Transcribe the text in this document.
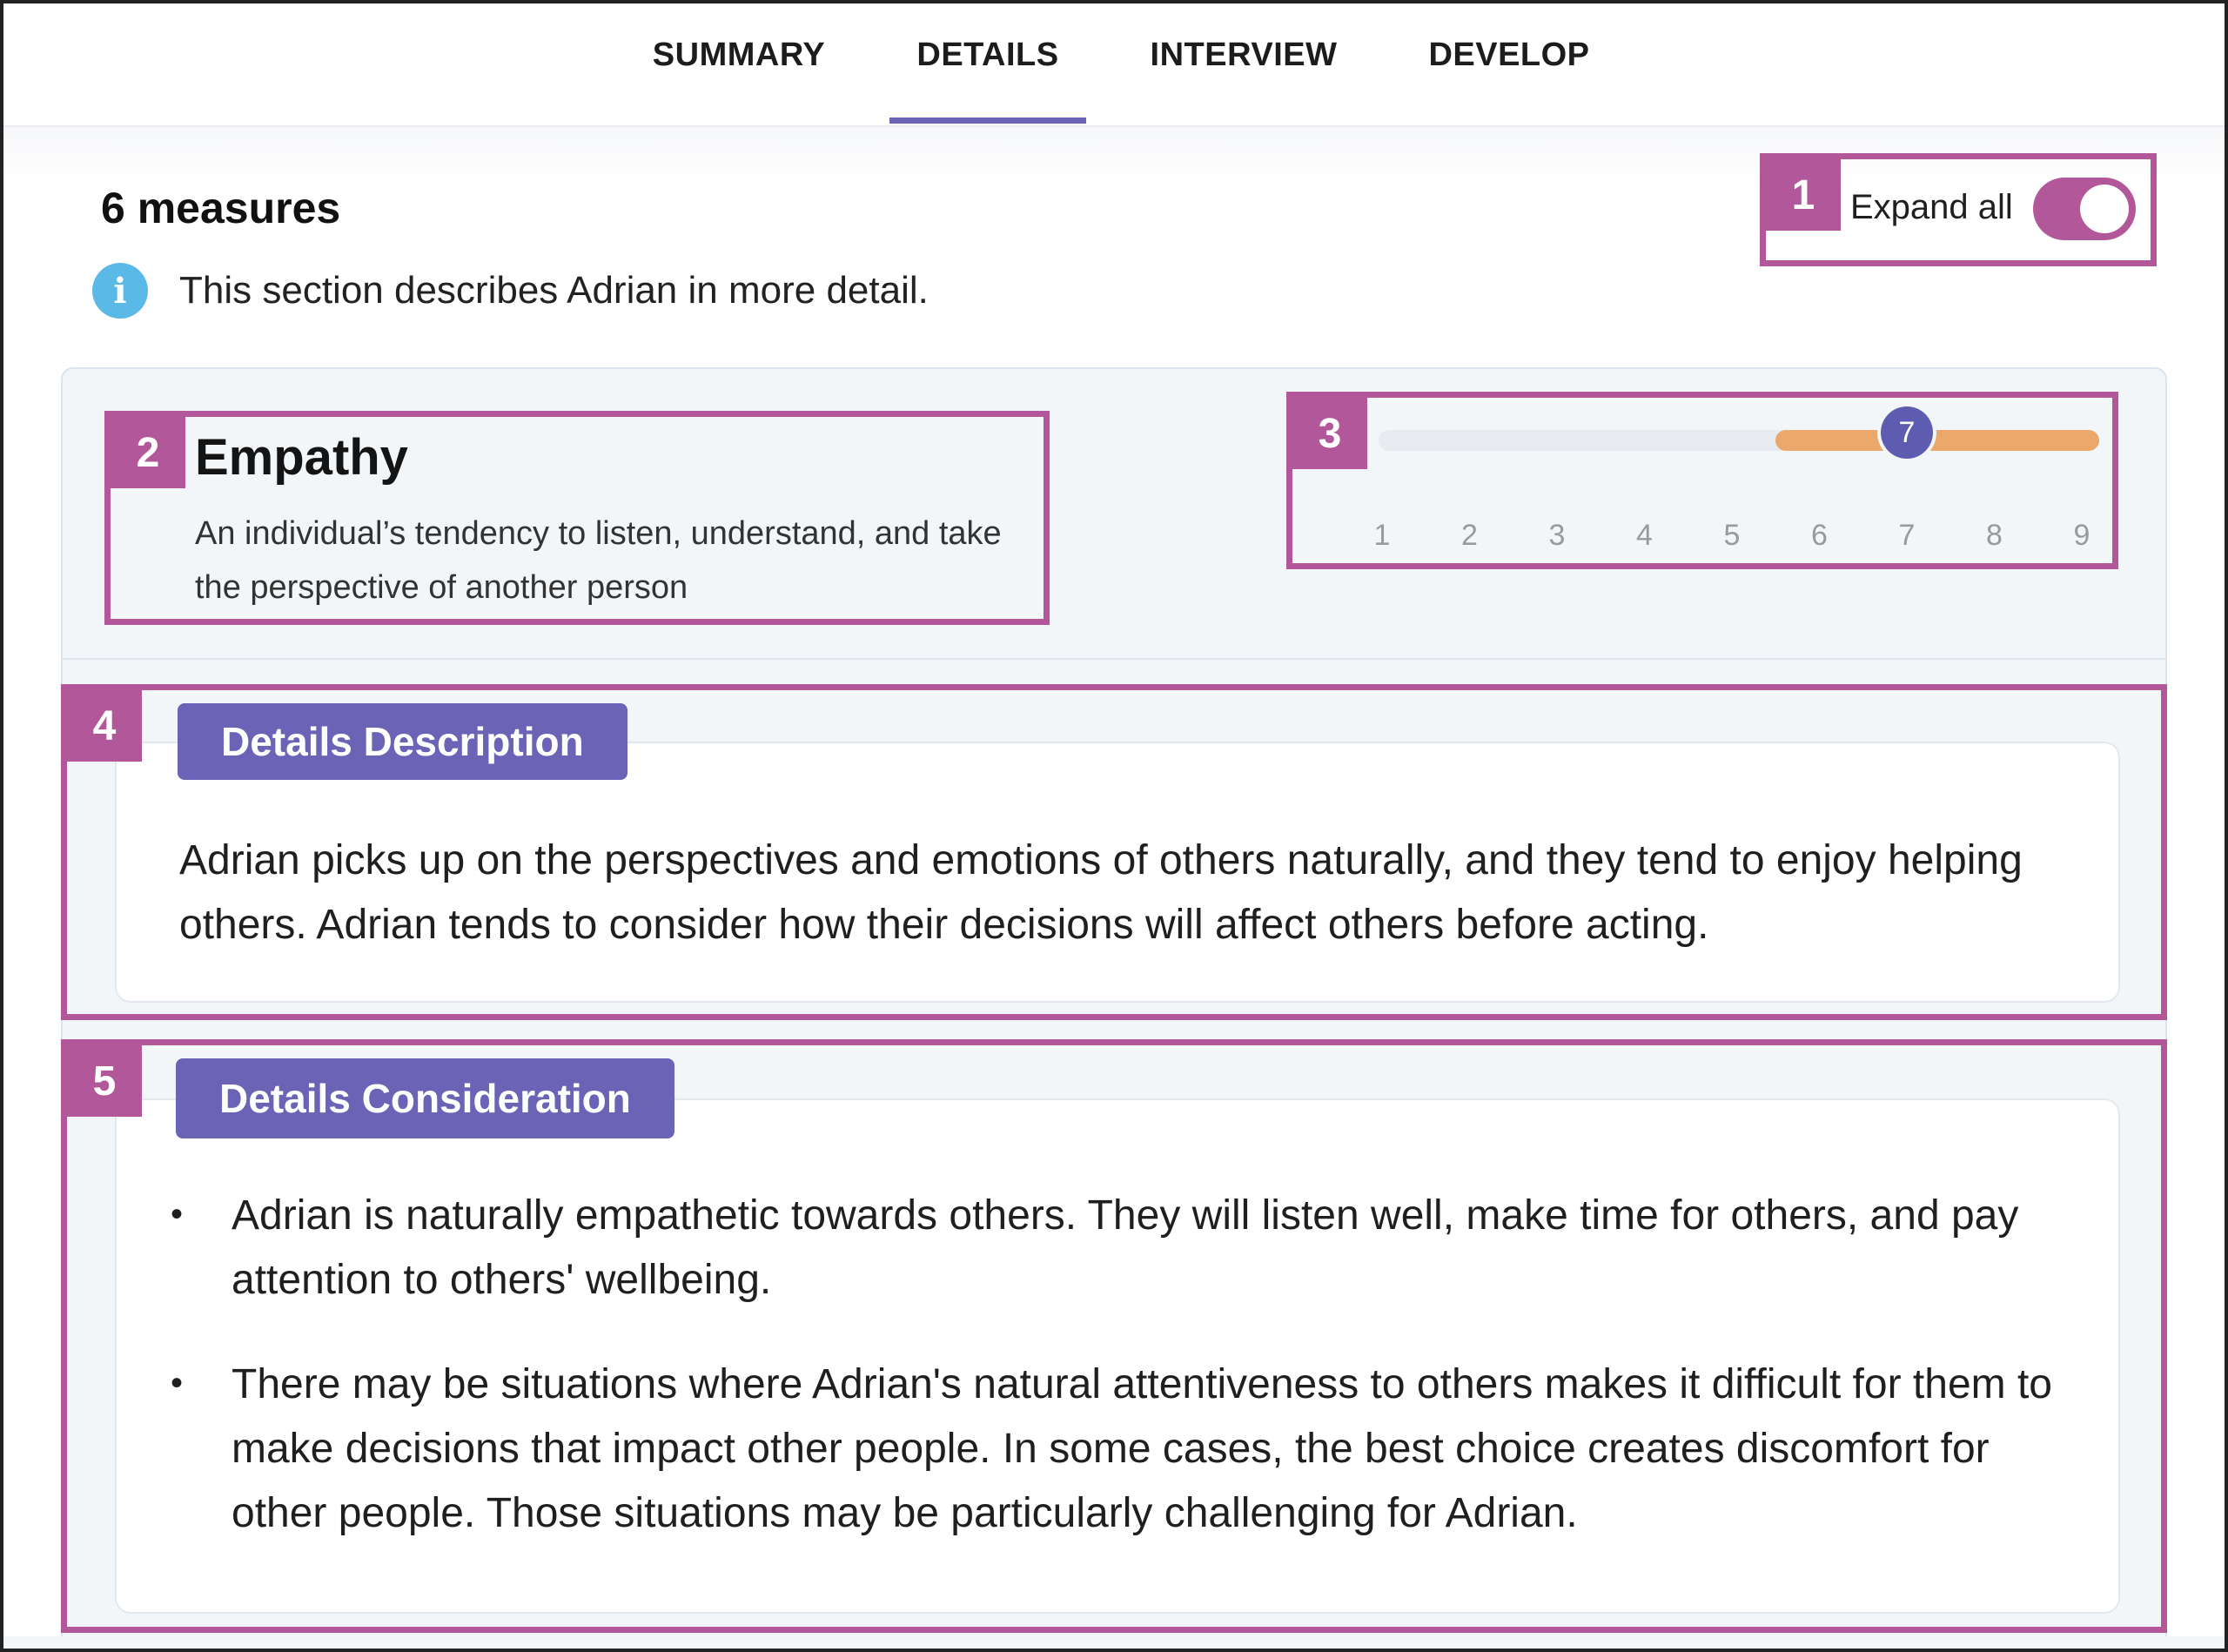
SUMMARY	DETAILS	INTERVIEW	DEVELOP
6 measures
i	This section describes Adrian in more detail.
1	Expand all
2 Empathy
An individual’s tendency to listen, understand, and take the perspective of another person
3	7
1	2	3	4	5	6	7	8	9
Details Description
Adrian picks up on the perspectives and emotions of others naturally, and they tend to enjoy helping others. Adrian tends to consider how their decisions will affect others before acting.
4
Details Consideration
• Adrian is naturally empathetic towards others. They will listen well, make time for others, and pay attention to others' wellbeing.
• There may be situations where Adrian's natural attentiveness to others makes it difficult for them to make decisions that impact other people. In some cases, the best choice creates discomfort for other people. Those situations may be particularly challenging for Adrian.
5
